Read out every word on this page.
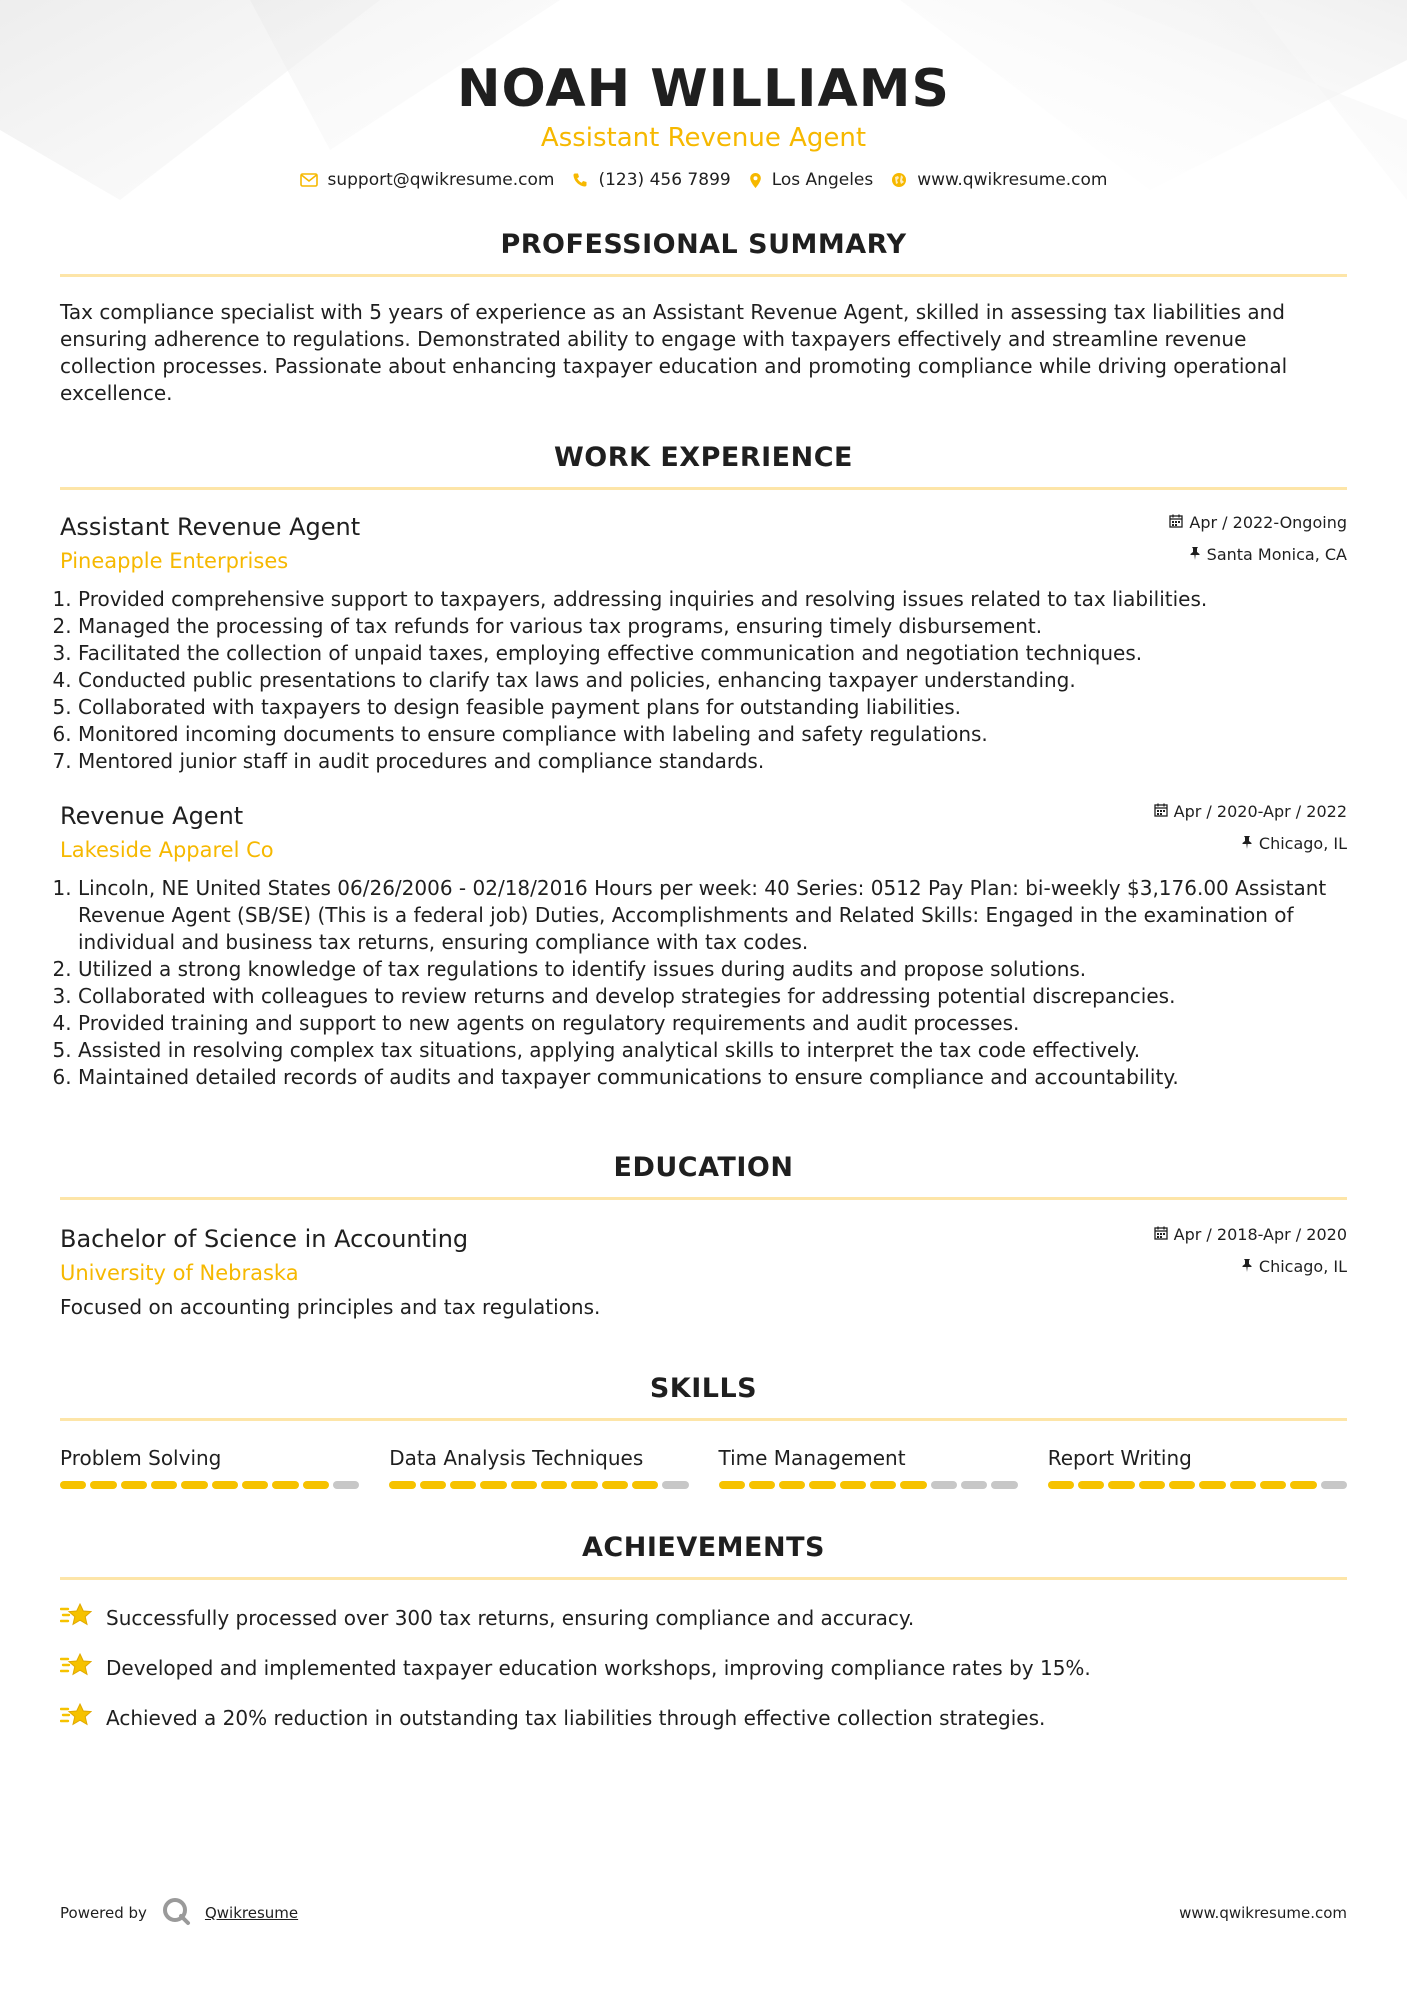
NOAH WILLIAMS
Assistant Revenue Agent
support@qwikresume.com	(123) 456 7899 Los Angeles	www.qwikresume.com
PROFESSIONAL SUMMARY

Tax compliance specialist with 5 years of experience as an Assistant Revenue Agent, skilled in assessing tax liabilities and ensuring adherence to regulations. Demonstrated ability to engage with taxpayers effectively and streamline revenue collection processes. Passionate about enhancing taxpayer education and promoting compliance while driving operational excellence.

WORK EXPERIENCE
Assistant Revenue Agent
Pineapple Enterprises
Apr / 2022-Ongoing
Santa Monica, CA
1. Provided comprehensive support to taxpayers, addressing inquiries and resolving issues related to tax liabilities.
2. Managed the processing of tax refunds for various tax programs, ensuring timely disbursement.
3. Facilitated the collection of unpaid taxes, employing effective communication and negotiation techniques.
4. Conducted public presentations to clarify tax laws and policies, enhancing taxpayer understanding.
5. Collaborated with taxpayers to design feasible payment plans for outstanding liabilities.
6. Monitored incoming documents to ensure compliance with labeling and safety regulations.
7. Mentored junior staff in audit procedures and compliance standards.
Revenue Agent
Lakeside Apparel Co
Apr / 2020-Apr / 2022
Chicago, IL
1. Lincoln, NE United States 06/26/2006 - 02/18/2016 Hours per week: 40 Series: 0512 Pay Plan: bi-weekly $3,176.00 Assistant Revenue Agent (SB/SE) (This is a federal job) Duties, Accomplishments and Related Skills: Engaged in the examination of individual and business tax returns, ensuring compliance with tax codes.
2. Utilized a strong knowledge of tax regulations to identify issues during audits and propose solutions.
3. Collaborated with colleagues to review returns and develop strategies for addressing potential discrepancies.
4. Provided training and support to new agents on regulatory requirements and audit processes.
5. Assisted in resolving complex tax situations, applying analytical skills to interpret the tax code effectively.
6. Maintained detailed records of audits and taxpayer communications to ensure compliance and accountability.
EDUCATION
Bachelor of Science in Accounting
University of Nebraska
Apr / 2018-Apr / 2020
Chicago, IL

Focused on accounting principles and tax regulations.

SKILLS
Problem Solving	Data Analysis Techniques	Time Management	Report Writing
ACHIEVEMENTS
Successfully processed over 300 tax returns, ensuring compliance and accuracy.
Developed and implemented taxpayer education workshops, improving compliance rates by 15%.
Achieved a 20% reduction in outstanding tax liabilities through effective collection strategies.
Powered by	Qwikresume	www.qwikresume.com
